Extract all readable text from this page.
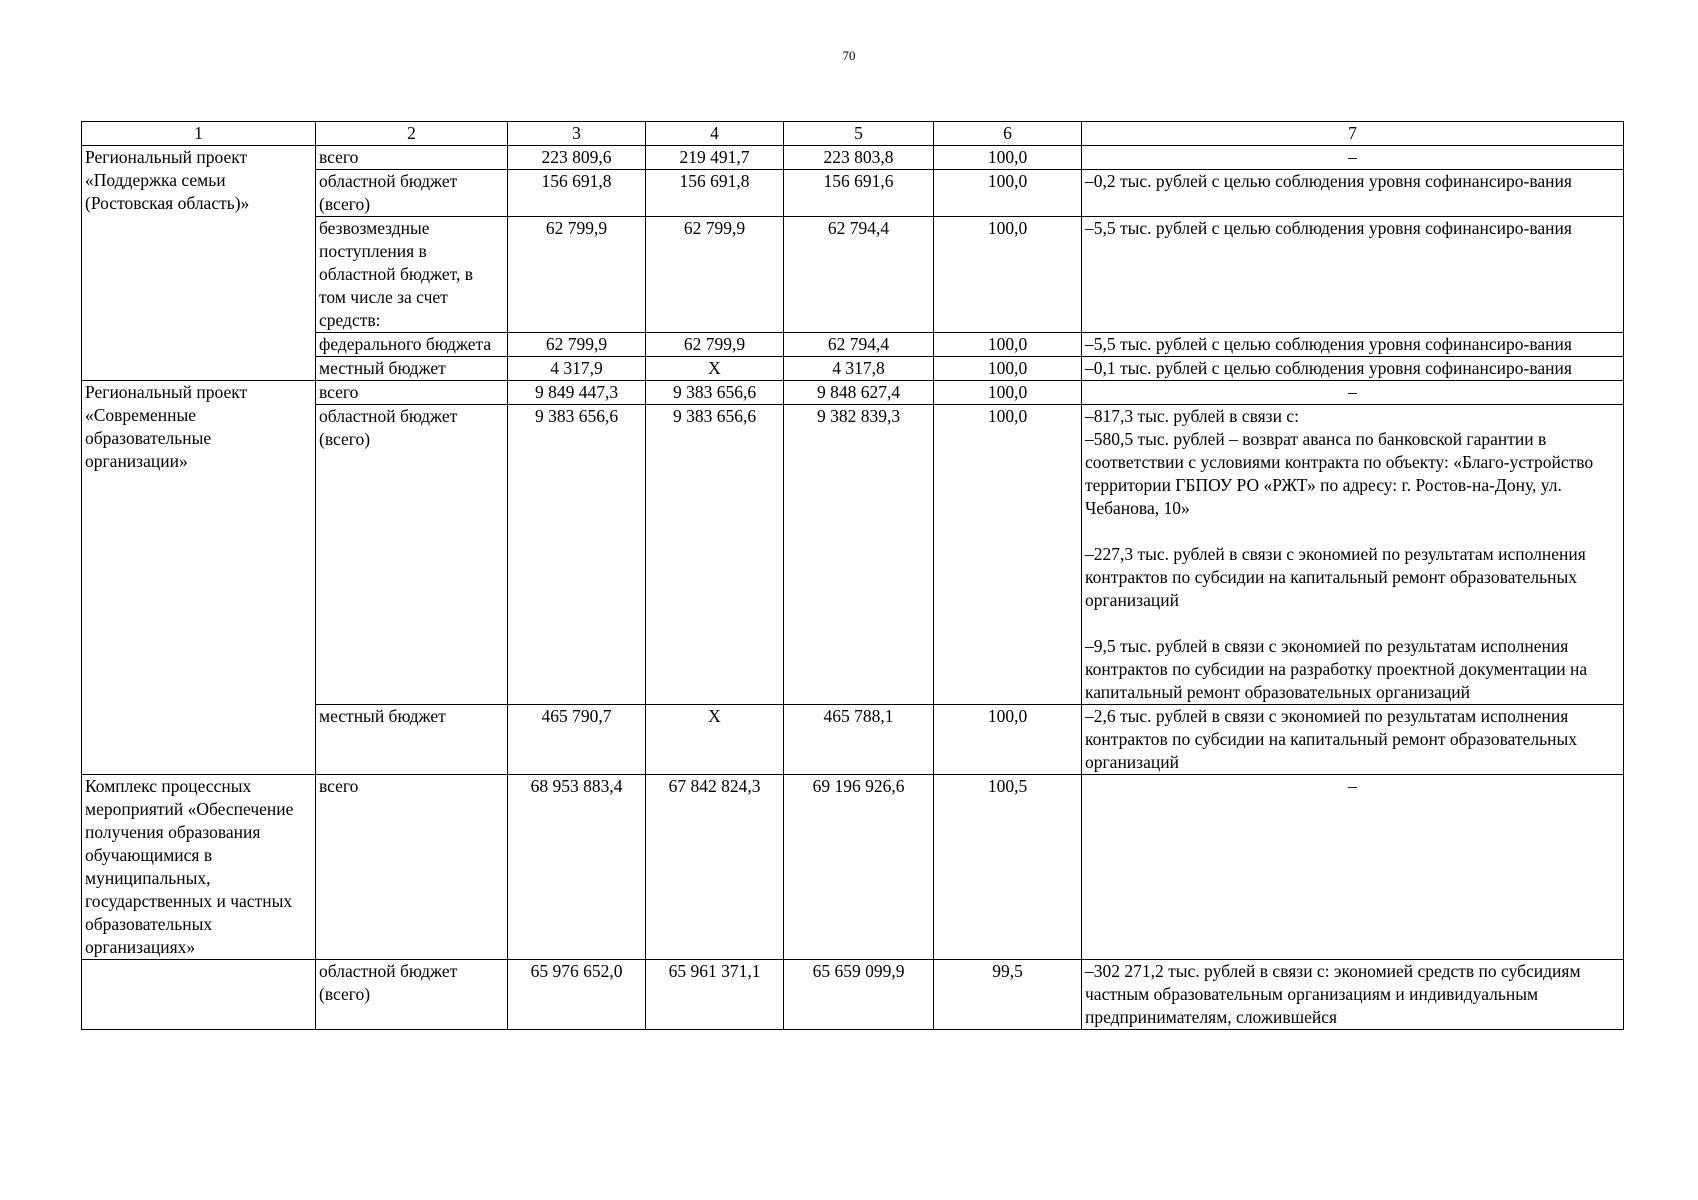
70
1	2	3	4	5	6	7
Региональный проект «Поддержка семьи (Ростовская область)»	всего	223 809,6	219 491,7	223 803,8	100,0	–
	областной бюджет (всего)	156 691,8	156 691,8	156 691,6	100,0	–0,2 тыс. рублей с целью соблюдения уровня софинансиро-вания
	безвозмездные поступления в областной бюджет, в том числе за счет средств:	62 799,9	62 799,9	62 794,4	100,0	–5,5 тыс. рублей с целью соблюдения уровня софинансиро-вания
	федерального бюджета	62 799,9	62 799,9	62 794,4	100,0	–5,5 тыс. рублей с целью соблюдения уровня софинансиро-вания
	местный бюджет	4 317,9	Х	4 317,8	100,0	–0,1 тыс. рублей с целью соблюдения уровня софинансиро-вания
Региональный проект «Современные образовательные организации»	всего	9 849 447,3	9 383 656,6	9 848 627,4	100,0	–
	областной бюджет (всего)	9 383 656,6	9 383 656,6	9 382 839,3	100,0	–817,3 тыс. рублей в связи с:

–580,5 тыс. рублей – возврат аванса по банковской гарантии в соответствии с условиями контракта по объекту: «Благо-устройство территории ГБПОУ РО «РЖТ» по адресу: г. Ростов-на-Дону, ул. Чебанова, 10»

–227,3 тыс. рублей в связи с экономией по результатам исполнения контрактов по субсидии на капитальный ремонт образовательных организаций

–9,5 тыс. рублей в связи с экономией по результатам исполнения контрактов по субсидии на разработку проектной документации на капитальный ремонт образовательных организаций

	местный бюджет	465 790,7	Х	465 788,1	100,0	–2,6 тыс. рублей в связи с экономией по результатам исполнения контрактов по субсидии на капитальный ремонт образовательных организаций
Комплекс процессных мероприятий «Обеспечение получения образования обучающимися в муниципальных, государственных и частных образовательных организациях»	всего	68 953 883,4	67 842 824,3	69 196 926,6	100,5	–
	областной бюджет (всего)	65 976 652,0	65 961 371,1	65 659 099,9	99,5	–302 271,2 тыс. рублей в связи с: экономией средств по субсидиям частным образовательным организациям и индивидуальным предпринимателям, сложившейся
